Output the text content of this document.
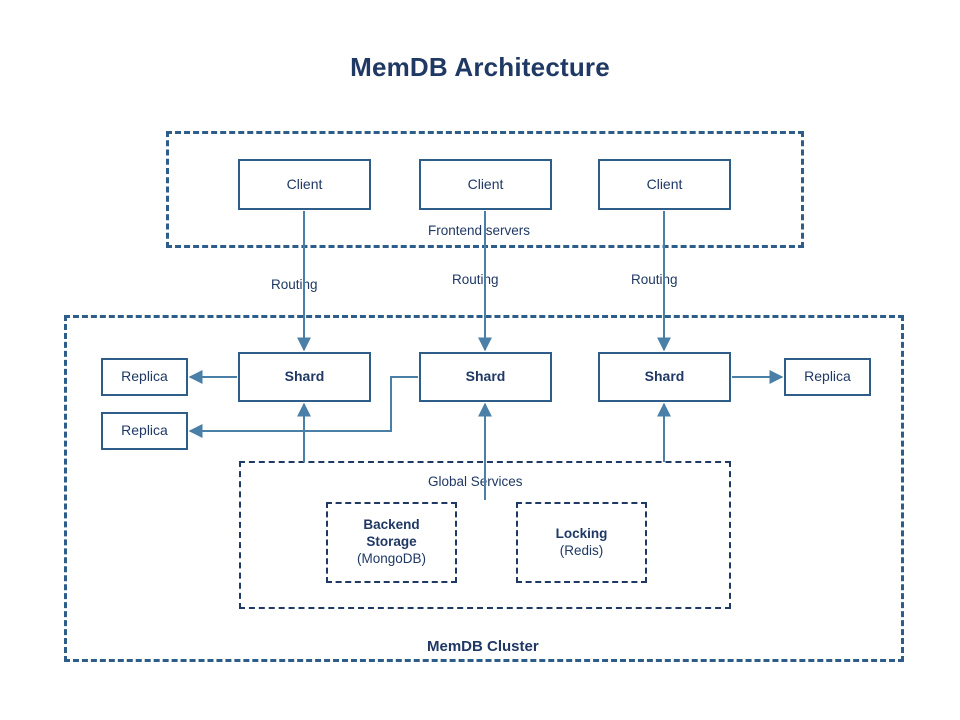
MemDB Architecture
Frontend servers
Client	Client	Client
Routing	Routing	Routing
MemDB Cluster
Shard	Shard	Shard
Replica
Replica
Replica
Global Services
Backend
Storage
(MongoDB)
Locking
(Redis)
